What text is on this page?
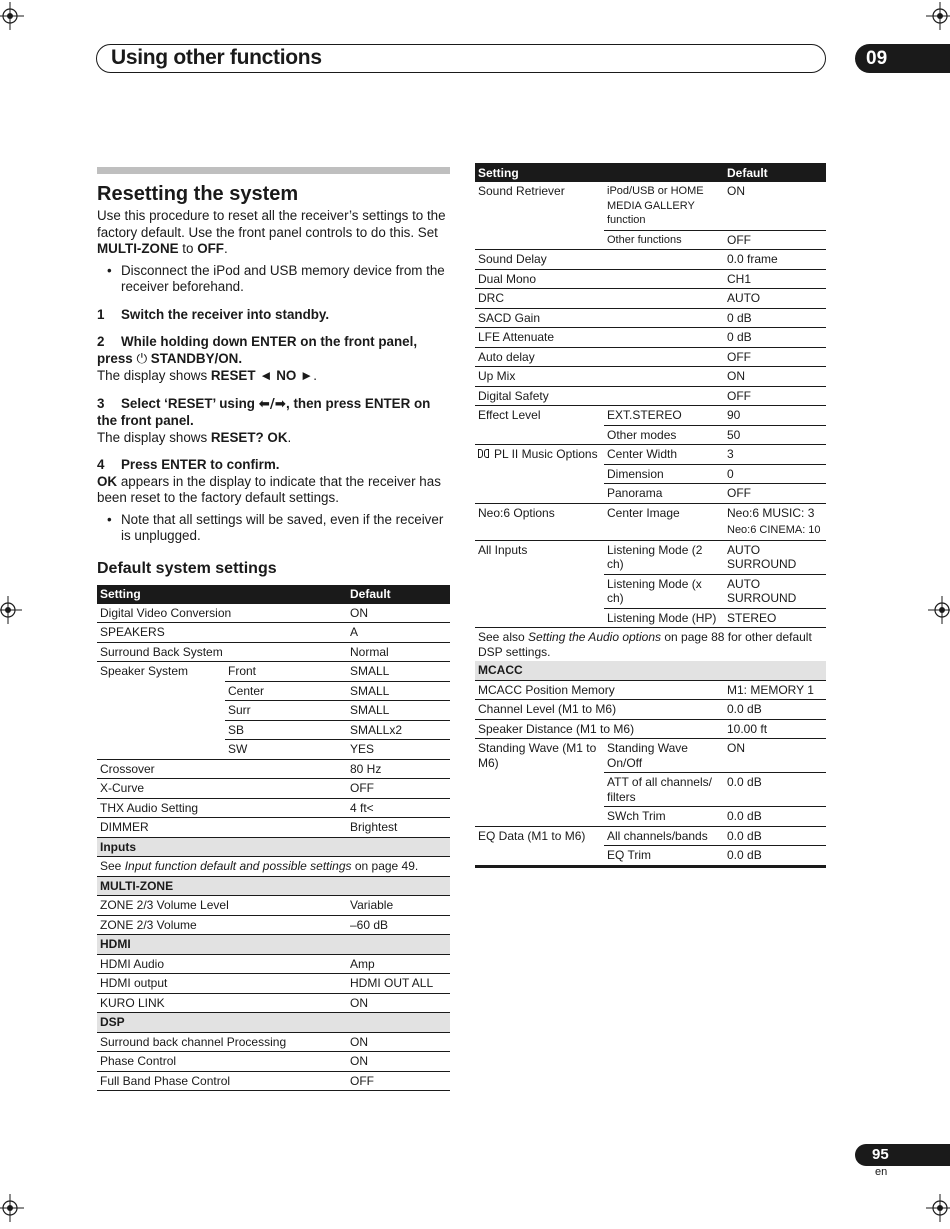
Using other functions	09
Resetting the system

Use this procedure to reset all the receiver’s settings to the factory default. Use the front panel controls to do this. Set MULTI-ZONE to OFF.

• Disconnect the iPod and USB memory device from the receiver beforehand.
1 Switch the receiver into standby.
2 While holding down ENTER on the front panel, press ⏻ STANDBY/ON.

The display shows RESET ◄ NO ►.

3 Select ‘RESET’ using ⬅/➡, then press ENTER on the front panel.

The display shows RESET? OK.

4 Press ENTER to confirm.

OK appears in the display to indicate that the receiver has been reset to the factory default settings.

• Note that all settings will be saved, even if the receiver is unplugged.
Default system settings
Setting		Default
Digital Video Conversion		ON
SPEAKERS		A
Surround Back System		Normal
Speaker System	Front	SMALL
	Center	SMALL
	Surr	SMALL
	SB	SMALLx2
	SW	YES
Crossover		80 Hz
X-Curve		OFF
THX Audio Setting		4 ft<
DIMMER		Brightest
Inputs		
See Input function default and possible settings on page 49.		
MULTI-ZONE		
ZONE 2/3 Volume Level		Variable
ZONE 2/3 Volume		–60 dB
HDMI		
HDMI Audio		Amp
HDMI output		HDMI OUT ALL
KURO LINK		ON
DSP		
Surround back channel Processing		ON
Phase Control		ON
Full Band Phase Control		OFF
Setting		Default
Sound Retriever	iPod/USB or HOME MEDIA GALLERY function	ON
	Other functions	OFF
Sound Delay		0.0 frame
Dual Mono		CH1
DRC		AUTO
SACD Gain		0 dB
LFE Attenuate		0 dB
Auto delay		OFF
Up Mix		ON
Digital Safety		OFF
Effect Level	EXT.STEREO	90
	Other modes	50
PL II Music Options	Center Width	3
	Dimension	0
	Panorama	OFF
Neo:6 Options	Center Image	Neo:6 MUSIC: 3
Neo:6 CINEMA: 10

All Inputs	Listening Mode (2 ch)	AUTO SURROUND
	Listening Mode (x ch)	AUTO SURROUND
	Listening Mode (HP)	STEREO
See also Setting the Audio options on page 88 for other default DSP settings.		
MCACC		
MCACC Position Memory		M1: MEMORY 1
Channel Level (M1 to M6)		0.0 dB
Speaker Distance (M1 to M6)		10.00 ft
Standing Wave (M1 to M6)	Standing Wave On/Off	ON
	ATT of all channels/ filters	0.0 dB
	SWch Trim	0.0 dB
EQ Data (M1 to M6)	All channels/bands	0.0 dB
	EQ Trim	0.0 dB
95
en
